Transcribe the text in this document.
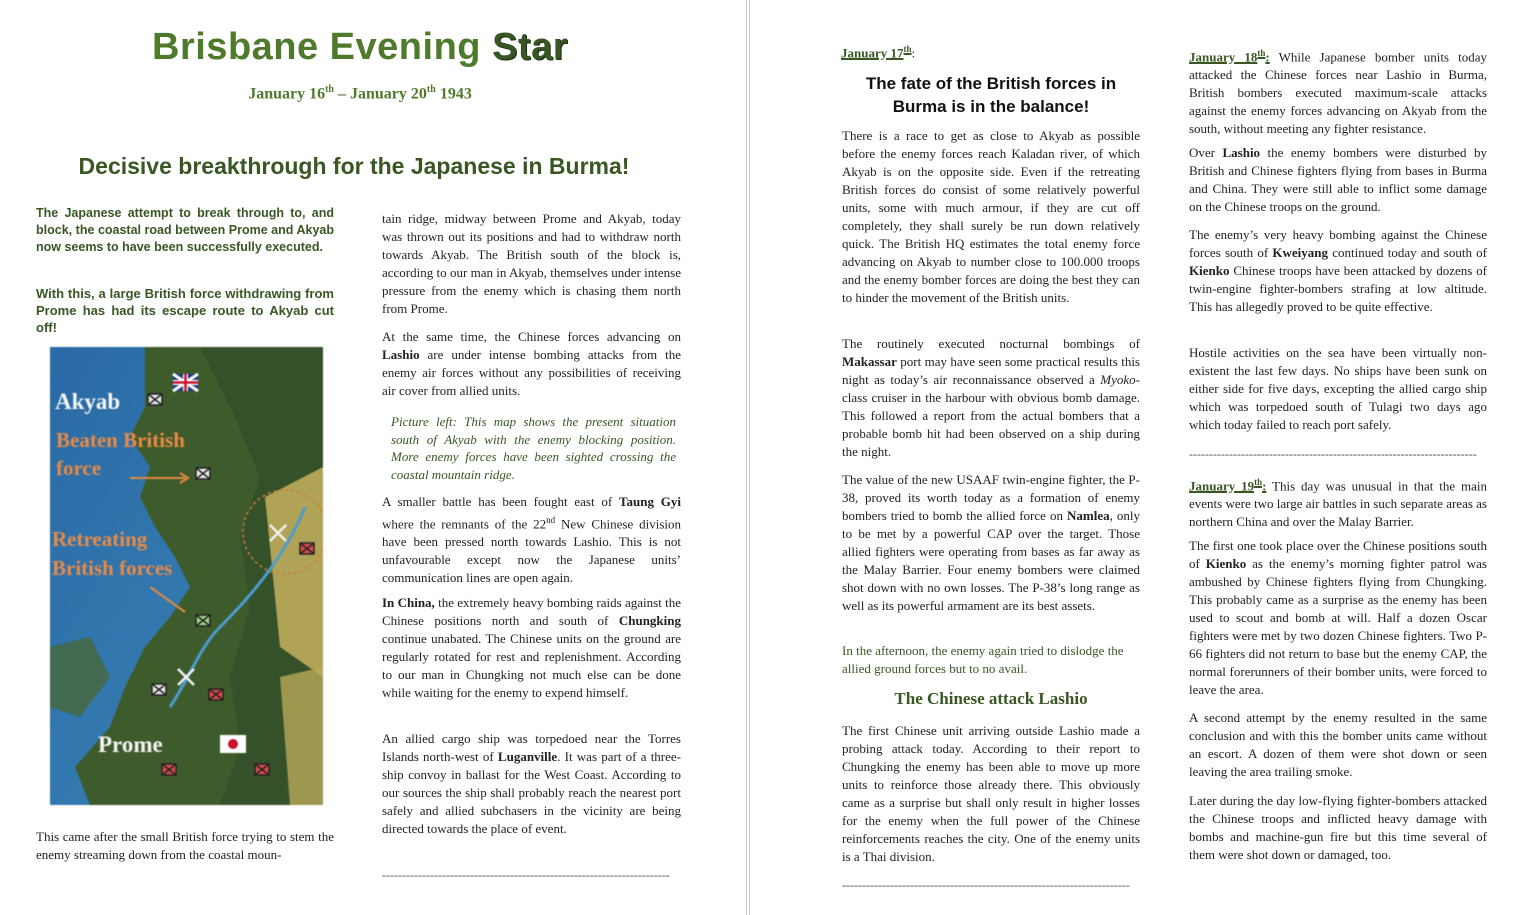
Brisbane Evening Star
January 16th – January 20th 1943
Decisive breakthrough for the Japanese in Burma!

The Japanese attempt to break through to, and block, the coastal road between Prome and Akyab now seems to have been successfully executed.

With this, a large British force withdrawing from Prome has had its escape route to Akyab cut off!

Akyab
Beaten British
force
Retreating
British forces
Prome

This came after the small British force trying to stem the enemy streaming down from the coastal moun-

tain ridge, midway between Prome and Akyab, today was thrown out its positions and had to withdraw north towards Akyab. The British south of the block is, according to our man in Akyab, themselves under intense pressure from the enemy which is chasing them north from Prome.

At the same time, the Chinese forces advancing on Lashio are under intense bombing attacks from the enemy air forces without any possibilities of receiving air cover from allied units.

Picture left: This map shows the present situation south of Akyab with the enemy blocking position. More enemy forces have been sighted crossing the coastal mountain ridge.

A smaller battle has been fought east of Taung Gyi where the remnants of the 22nd New Chinese division have been pressed north towards Lashio. This is not unfavourable except now the Japanese units’ communication lines are open again.

In China, the extremely heavy bombing raids against the Chinese positions north and south of Chungking continue unabated. The Chinese units on the ground are regularly rotated for rest and replenishment. According to our man in Chungking not much else can be done while waiting for the enemy to expend himself.

An allied cargo ship was torpedoed near the Torres Islands north-west of Luganville. It was part of a three-ship convoy in ballast for the West Coast. According to our sources the ship shall probably reach the nearest port safely and allied subchasers in the vicinity are being directed towards the place of event.

------------------------------------------------------------------------
January 17th:
The fate of the British forces in Burma is in the balance!

There is a race to get as close to Akyab as possible before the enemy forces reach Kaladan river, of which Akyab is on the opposite side. Even if the retreating British forces do consist of some relatively powerful units, some with much armour, if they are cut off completely, they shall surely be run down relatively quick. The British HQ estimates the total enemy force advancing on Akyab to number close to 100.000 troops and the enemy bomber forces are doing the best they can to hinder the movement of the British units.

The routinely executed nocturnal bombings of Makassar port may have seen some practical results this night as today’s air reconnaissance observed a Myoko-class cruiser in the harbour with obvious bomb damage. This followed a report from the actual bombers that a probable bomb hit had been observed on a ship during the night.

The value of the new USAAF twin-engine fighter, the P-38, proved its worth today as a formation of enemy bombers tried to bomb the allied force on Namlea, only to be met by a powerful CAP over the target. Those allied fighters were operating from bases as far away as the Malay Barrier. Four enemy bombers were claimed shot down with no own losses. The P-38’s long range as well as its powerful armament are its best assets.

In the afternoon, the enemy again tried to dislodge the allied ground forces but to no avail.

The Chinese attack Lashio

The first Chinese unit arriving outside Lashio made a probing attack today. According to their report to Chungking the enemy has been able to move up more units to reinforce those already there. This obviously came as a surprise but shall only result in higher losses for the enemy when the full power of the Chinese reinforcements reaches the city. One of the enemy units is a Thai division.

------------------------------------------------------------------------

January 18th: While Japanese bomber units today attacked the Chinese forces near Lashio in Burma, British bombers executed maximum-scale attacks against the enemy forces advancing on Akyab from the south, without meeting any fighter resistance.

Over Lashio the enemy bombers were disturbed by British and Chinese fighters flying from bases in Burma and China. They were still able to inflict some damage on the Chinese troops on the ground.

The enemy’s very heavy bombing against the Chinese forces south of Kweiyang continued today and south of Kienko Chinese troops have been attacked by dozens of twin-engine fighter-bombers strafing at low altitude. This has allegedly proved to be quite effective.

Hostile activities on the sea have been virtually non-existent the last few days. No ships have been sunk on either side for five days, excepting the allied cargo ship which was torpedoed south of Tulagi two days ago which today failed to reach port safely.

------------------------------------------------------------------------

January 19th: This day was unusual in that the main events were two large air battles in such separate areas as northern China and over the Malay Barrier.

The first one took place over the Chinese positions south of Kienko as the enemy’s morning fighter patrol was ambushed by Chinese fighters flying from Chungking. This probably came as a surprise as the enemy has been used to scout and bomb at will. Half a dozen Oscar fighters were met by two dozen Chinese fighters. Two P-66 fighters did not return to base but the enemy CAP, the normal forerunners of their bomber units, were forced to leave the area.

A second attempt by the enemy resulted in the same conclusion and with this the bomber units came without an escort. A dozen of them were shot down or seen leaving the area trailing smoke.

Later during the day low-flying fighter-bombers attacked the Chinese troops and inflicted heavy damage with bombs and machine-gun fire but this time several of them were shot down or damaged, too.
